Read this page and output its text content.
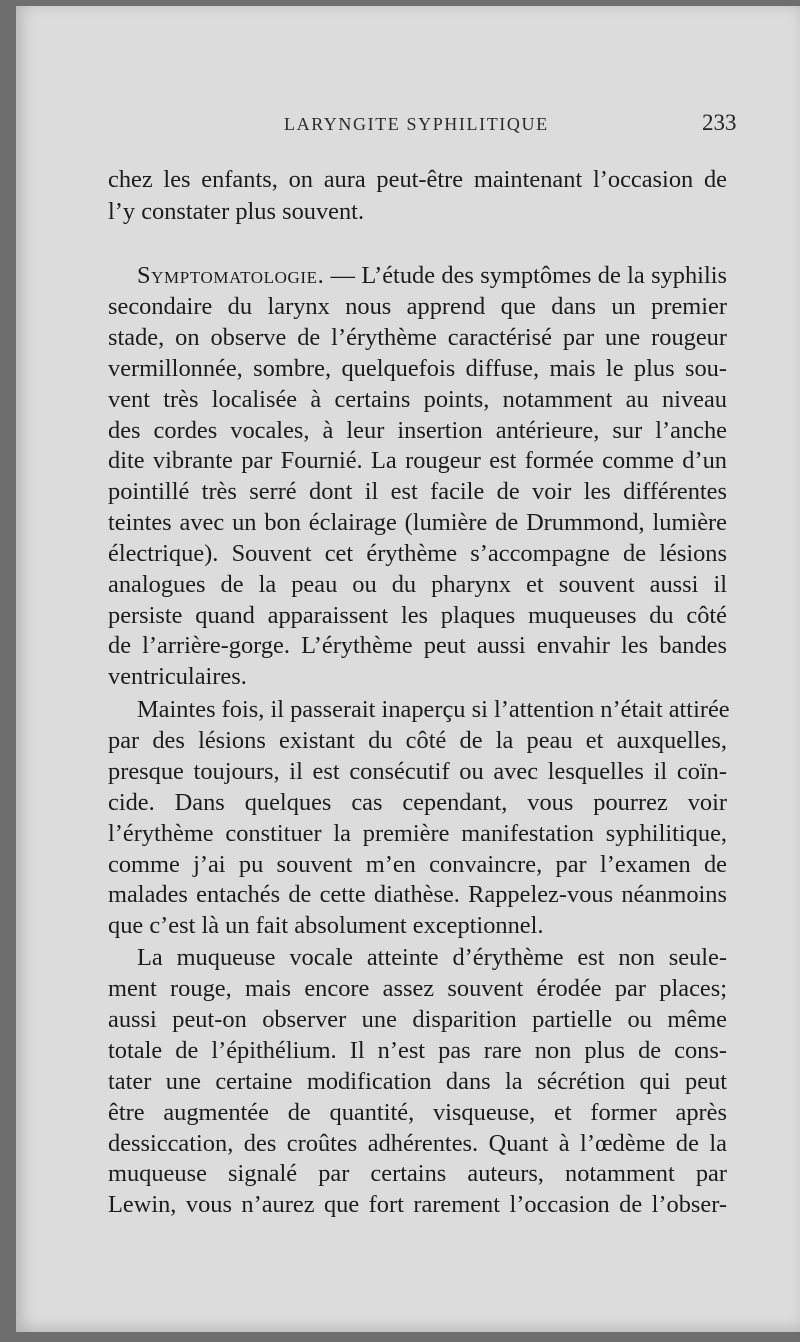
LARYNGITE SYPHILITIQUE	233
chez les enfants, on aura peut-être maintenant l’occasion de
l’y constater plus souvent.
Symptomatologie. — L’étude des symptômes de la syphilis
secondaire du larynx nous apprend que dans un premier
stade, on observe de l’érythème caractérisé par une rougeur
vermillonnée, sombre, quelquefois diffuse, mais le plus sou-
vent très localisée à certains points, notamment au niveau
des cordes vocales, à leur insertion antérieure, sur l’anche
dite vibrante par Fournié. La rougeur est formée comme d’un
pointillé très serré dont il est facile de voir les différentes
teintes avec un bon éclairage (lumière de Drummond, lumière
électrique). Souvent cet érythème s’accompagne de lésions
analogues de la peau ou du pharynx et souvent aussi il
persiste quand apparaissent les plaques muqueuses du côté
de l’arrière-gorge. L’érythème peut aussi envahir les bandes
ventriculaires.
Maintes fois, il passerait inaperçu si l’attention n’était attirée
par des lésions existant du côté de la peau et auxquelles,
presque toujours, il est consécutif ou avec lesquelles il coïn-
cide. Dans quelques cas cependant, vous pourrez voir
l’érythème constituer la première manifestation syphilitique,
comme j’ai pu souvent m’en convaincre, par l’examen de
malades entachés de cette diathèse. Rappelez-vous néanmoins
que c’est là un fait absolument exceptionnel.
La muqueuse vocale atteinte d’érythème est non seule-
ment rouge, mais encore assez souvent érodée par places;
aussi peut-on observer une disparition partielle ou même
totale de l’épithélium. Il n’est pas rare non plus de cons-
tater une certaine modification dans la sécrétion qui peut
être augmentée de quantité, visqueuse, et former après
dessiccation, des croûtes adhérentes. Quant à l’œdème de la
muqueuse signalé par certains auteurs, notamment par
Lewin, vous n’aurez que fort rarement l’occasion de l’obser-
